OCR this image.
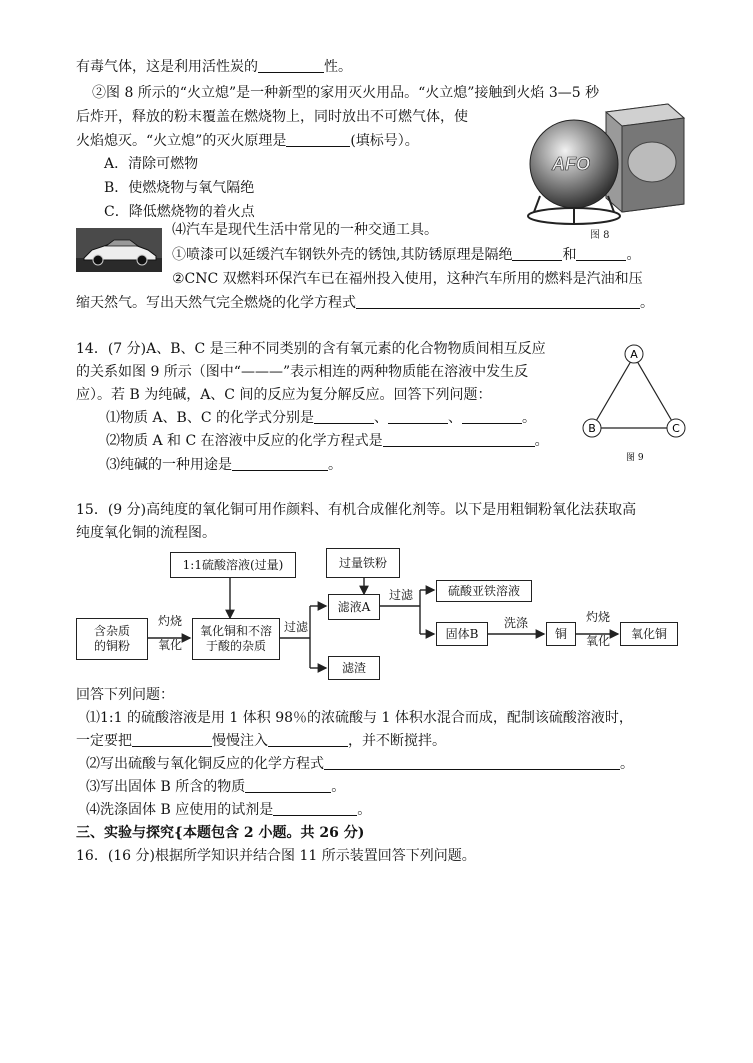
有毒气体，这是利用活性炭的	性。
②图 8 所示的“火立熄”是一种新型的家用灭火用品。“火立熄”接触到火焰 3—5 秒
后炸开，释放的粉末覆盖在燃烧物上，同时放出不可燃气体，使
火焰熄灭。“火立熄”的灭火原理是	(填标号）。
A．清除可燃物
B．使燃烧物与氧气隔绝
C．降低燃烧物的着火点
AFO
图 8
⑷汽车是现代生活中常见的一种交通工具。
①喷漆可以延缓汽车钢铁外壳的锈蚀,其防锈原理是隔绝	和	。
②CNC 双燃料环保汽车已在福州投入使用，这种汽车所用的燃料是汽油和压
缩天然气。写出天然气完全燃烧的化学方程式	。
14．(7 分)A、B、C 是三种不同类别的含有氧元素的化合物物质间相互反应
的关系如图 9 所示（图中“———”表示相连的两种物质能在溶液中发生反
应）。若 B 为纯碱，A、C 间的反应为复分解反应。回答下列问题：
⑴物质 A、B、C 的化学式分别是	、	、	。
⑵物质 A 和 C 在溶液中反应的化学方程式是	。
⑶纯碱的一种用途是	。
A
B	C
图 9
15．(9 分)高纯度的氧化铜可用作颜料、有机合成催化剂等。以下是用粗铜粉氧化法获取高
纯度氧化铜的流程图。
1:1硫酸溶液(过量)	过量铁粉
含杂质
的铜粉
灼烧
氧化
氧化铜和不溶
于酸的杂质
过滤
滤液A
滤渣
过滤	硫酸亚铁溶液
固体B
洗涤
铜
灼烧
氧化
氧化铜
回答下列问题：
⑴1:1 的硫酸溶液是用 1 体积 98％的浓硫酸与 1 体积水混合而成，配制该硫酸溶液时，
一定要把	慢慢注入	，并不断搅拌。
⑵写出硫酸与氧化铜反应的化学方程式	。
⑶写出固体 B 所含的物质	。
⑷洗涤固体 B 应使用的试剂是	。
三、实验与探究{本题包含 2 小题。共 26 分)
16．(16 分)根据所学知识并结合图 11 所示装置回答下列问题。
